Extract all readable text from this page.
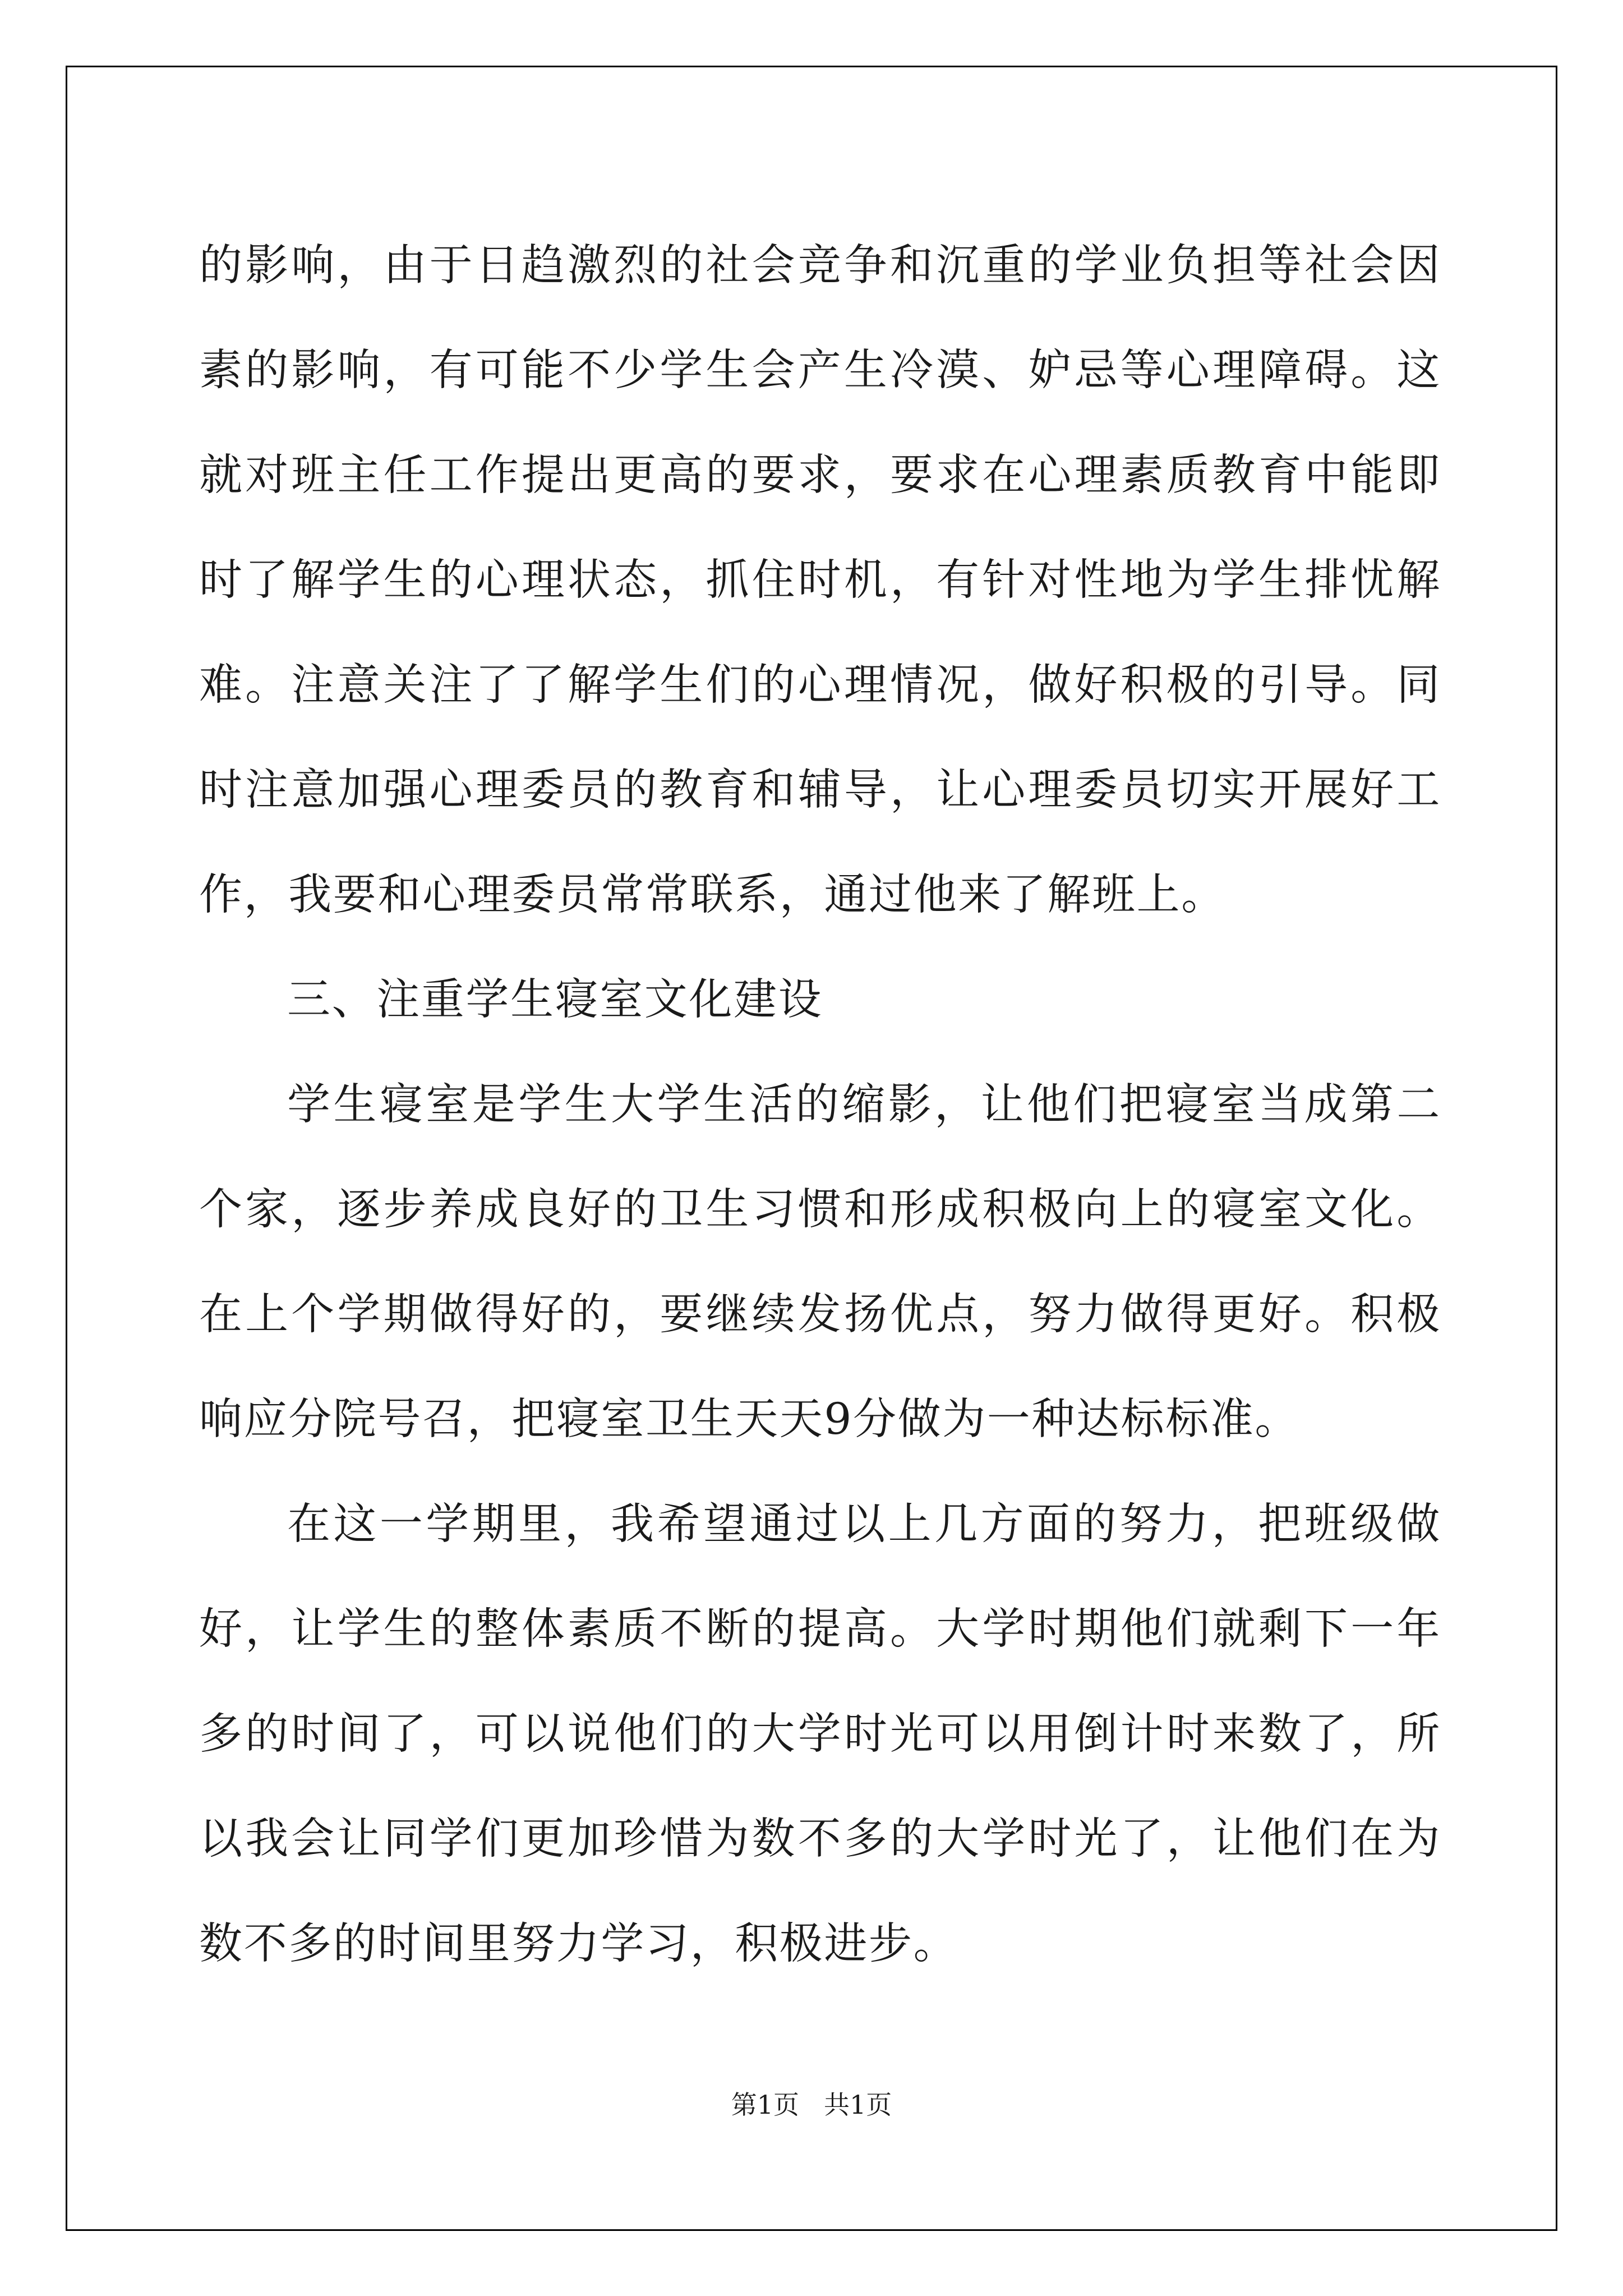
的影响，由于日趋激烈的社会竞争和沉重的学业负担等社会因素的影响，有可能不少学生会产生冷漠、妒忌等心理障碍。这就对班主任工作提出更高的要求，要求在心理素质教育中能即时了解学生的心理状态，抓住时机，有针对性地为学生排忧解难。注意关注了了解学生们的心理情况，做好积极的引导。同时注意加强心理委员的教育和辅导，让心理委员切实开展好工作，我要和心理委员常常联系，通过他来了解班上。

三、注重学生寝室文化建设

学生寝室是学生大学生活的缩影，让他们把寝室当成第二个家，逐步养成良好的卫生习惯和形成积极向上的寝室文化。在上个学期做得好的，要继续发扬优点，努力做得更好。积极响应分院号召，把寝室卫生天天9分做为一种达标标准。

在这一学期里，我希望通过以上几方面的努力，把班级做好，让学生的整体素质不断的提高。大学时期他们就剩下一年多的时间了，可以说他们的大学时光可以用倒计时来数了，所以我会让同学们更加珍惜为数不多的大学时光了，让他们在为数不多的时间里努力学习，积极进步。

第1页 共1页
